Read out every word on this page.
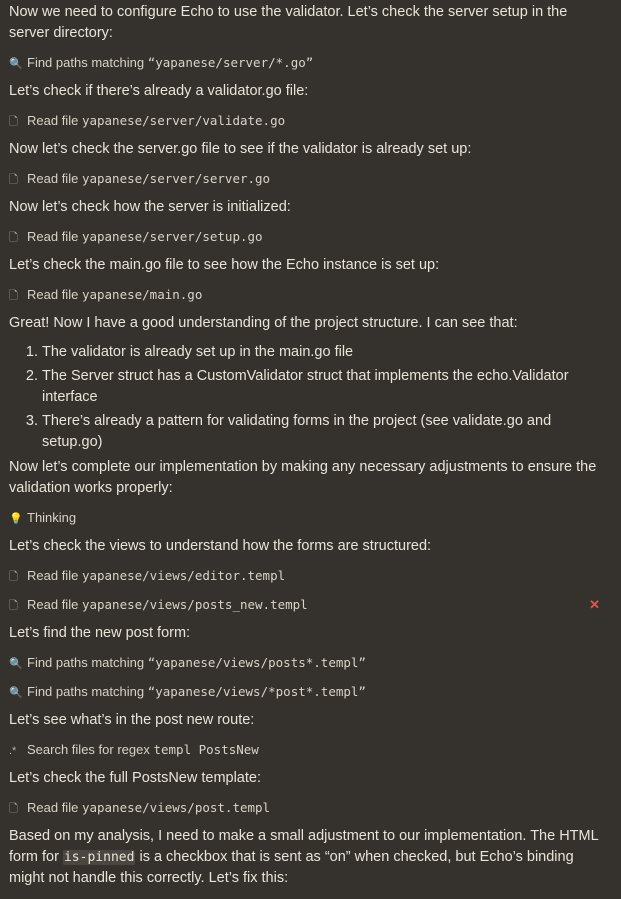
Now we need to configure Echo to use the validator. Let’s check the server setup in the server directory:
🔍 Find paths matching “yapanese/server/*.go”
Let’s check if there’s already a validator.go file:
🗋 Read file yapanese/server/validate.go
Now let’s check the server.go file to see if the validator is already set up:
🗋 Read file yapanese/server/server.go
Now let’s check how the server is initialized:
🗋 Read file yapanese/server/setup.go
Let’s check the main.go file to see how the Echo instance is set up:
🗋 Read file yapanese/main.go
Great! Now I have a good understanding of the project structure. I can see that:
1. The validator is already set up in the main.go file
2. The Server struct has a CustomValidator struct that implements the echo.Validator interface
3. There’s already a pattern for validating forms in the project (see validate.go and setup.go)
Now let’s complete our implementation by making any necessary adjustments to ensure the validation works properly:
💡 Thinking
Let’s check the views to understand how the forms are structured:
🗋 Read file yapanese/views/editor.templ
🗋 Read file yapanese/views/posts_new.templ	✕
Let’s find the new post form:
🔍 Find paths matching “yapanese/views/posts*.templ”
🔍 Find paths matching “yapanese/views/*post*.templ”
Let’s see what’s in the post new route:
.* Search files for regex templ PostsNew
Let’s check the full PostsNew template:
🗋 Read file yapanese/views/post.templ
Based on my analysis, I need to make a small adjustment to our implementation. The HTML form for is-pinned is a checkbox that is sent as “on” when checked, but Echo’s binding might not handle this correctly. Let’s fix this:
